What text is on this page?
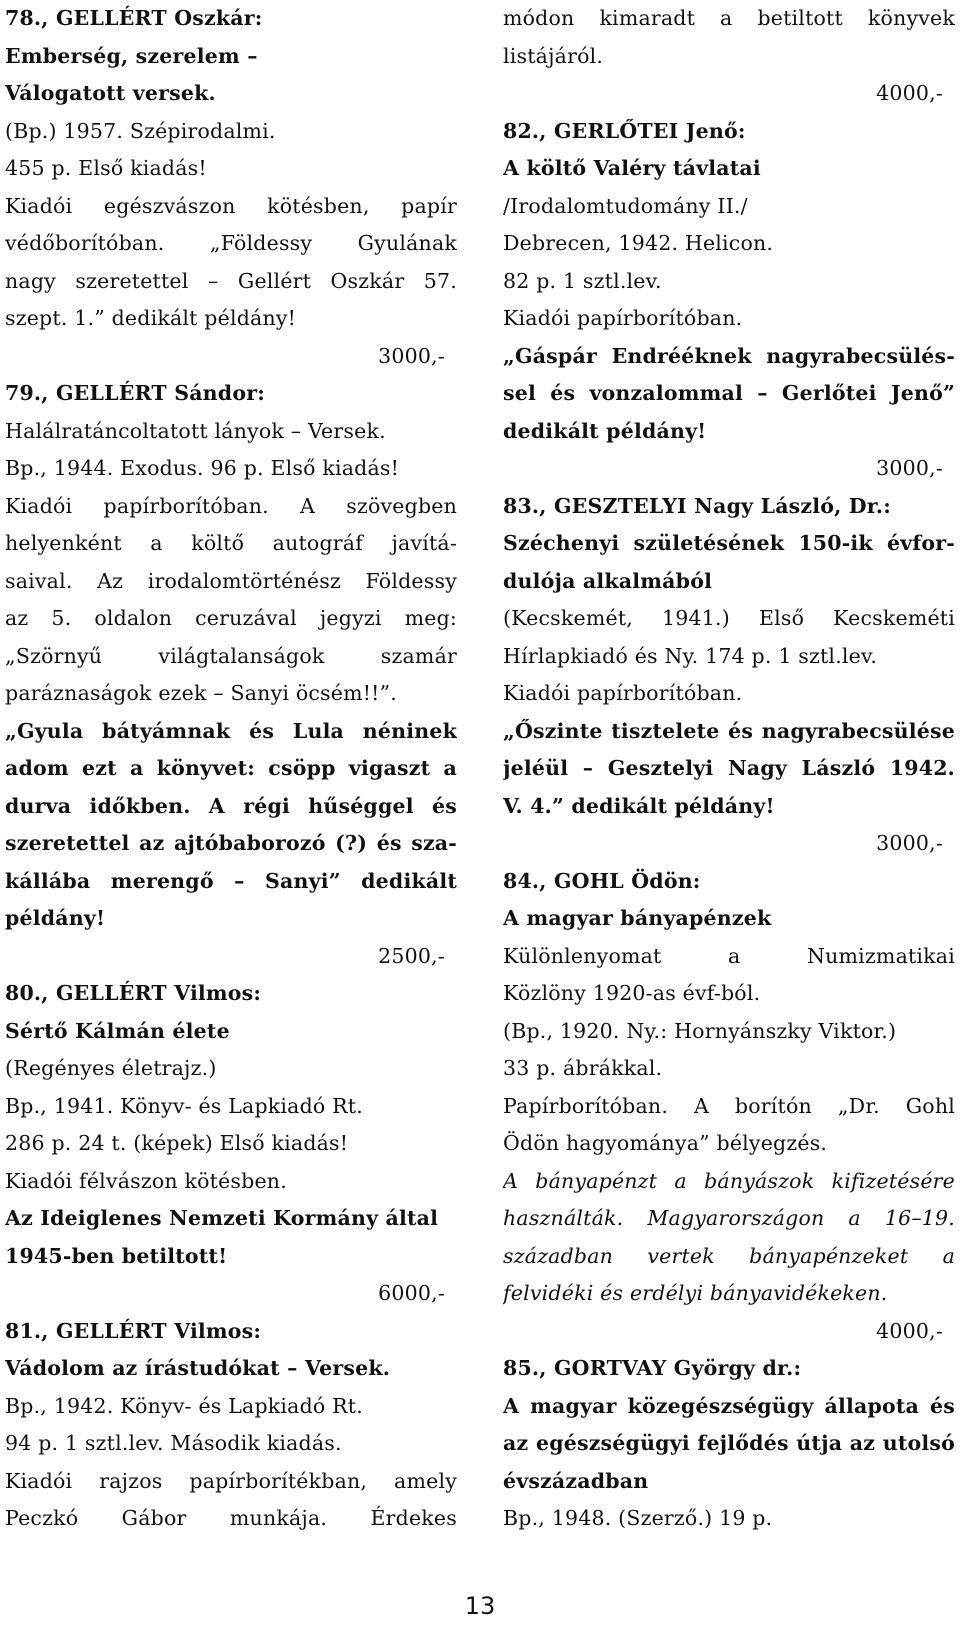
78., GELLÉRT Oszkár:
Emberség, szerelem –
Válogatott versek.
(Bp.) 1957. Szépirodalmi.
455 p. Első kiadás!
Kiadói egészvászon kötésben, papír
védőborítóban. „Földessy Gyulának
nagy szeretettel – Gellért Oszkár 57.
szept. 1.” dedikált példány!
3000,-
79., GELLÉRT Sándor:
Halálratáncoltatott lányok – Versek.
Bp., 1944. Exodus. 96 p. Első kiadás!
Kiadói papírborítóban. A szövegben
helyenként a költő autográf javítá-
saival. Az irodalomtörténész Földessy
az 5. oldalon ceruzával jegyzi meg:
„Szörnyű világtalanságok szamár
paráznaságok ezek – Sanyi öcsém!!”.
„Gyula bátyámnak és Lula néninek
adom ezt a könyvet: csöpp vigaszt a
durva időkben. A régi hűséggel és
szeretettel az ajtóbaborozó (?) és sza-
kállába merengő – Sanyi” dedikált
példány!
2500,-
80., GELLÉRT Vilmos:
Sértő Kálmán élete
(Regényes életrajz.)
Bp., 1941. Könyv- és Lapkiadó Rt.
286 p. 24 t. (képek) Első kiadás!
Kiadói félvászon kötésben.
Az Ideiglenes Nemzeti Kormány által
1945-ben betiltott!
6000,-
81., GELLÉRT Vilmos:
Vádolom az írástudókat – Versek.
Bp., 1942. Könyv- és Lapkiadó Rt.
94 p. 1 sztl.lev. Második kiadás.
Kiadói rajzos papírborítékban, amely
Peczkó Gábor munkája. Érdekes
módon kimaradt a betiltott könyvek
listájáról.
4000,-
82., GERLŐTEI Jenő:
A költő Valéry távlatai
/Irodalomtudomány II./
Debrecen, 1942. Helicon.
82 p. 1 sztl.lev.
Kiadói papírborítóban.
„Gáspár Endrééknek nagyrabecsülés-
sel és vonzalommal – Gerlőtei Jenő”
dedikált példány!
3000,-
83., GESZTELYI Nagy László, Dr.:
Széchenyi születésének 150-ik évfor-
dulója alkalmából
(Kecskemét, 1941.) Első Kecskeméti
Hírlapkiadó és Ny. 174 p. 1 sztl.lev.
Kiadói papírborítóban.
„Őszinte tisztelete és nagyrabecsülése
jeléül – Gesztelyi Nagy László 1942.
V. 4.” dedikált példány!
3000,-
84., GOHL Ödön:
A magyar bányapénzek
Különlenyomat a Numizmatikai
Közlöny 1920-as évf-ból.
(Bp., 1920. Ny.: Hornyánszky Viktor.)
33 p. ábrákkal.
Papírborítóban. A borítón „Dr. Gohl
Ödön hagyománya” bélyegzés.
A bányapénzt a bányászok kifizetésére
használták. Magyarországon a 16–19.
században vertek bányapénzeket a
felvidéki és erdélyi bányavidékeken.
4000,-
85., GORTVAY György dr.:
A magyar közegészségügy állapota és
az egészségügyi fejlődés útja az utolsó
évszázadban
Bp., 1948. (Szerző.) 19 p.
13
